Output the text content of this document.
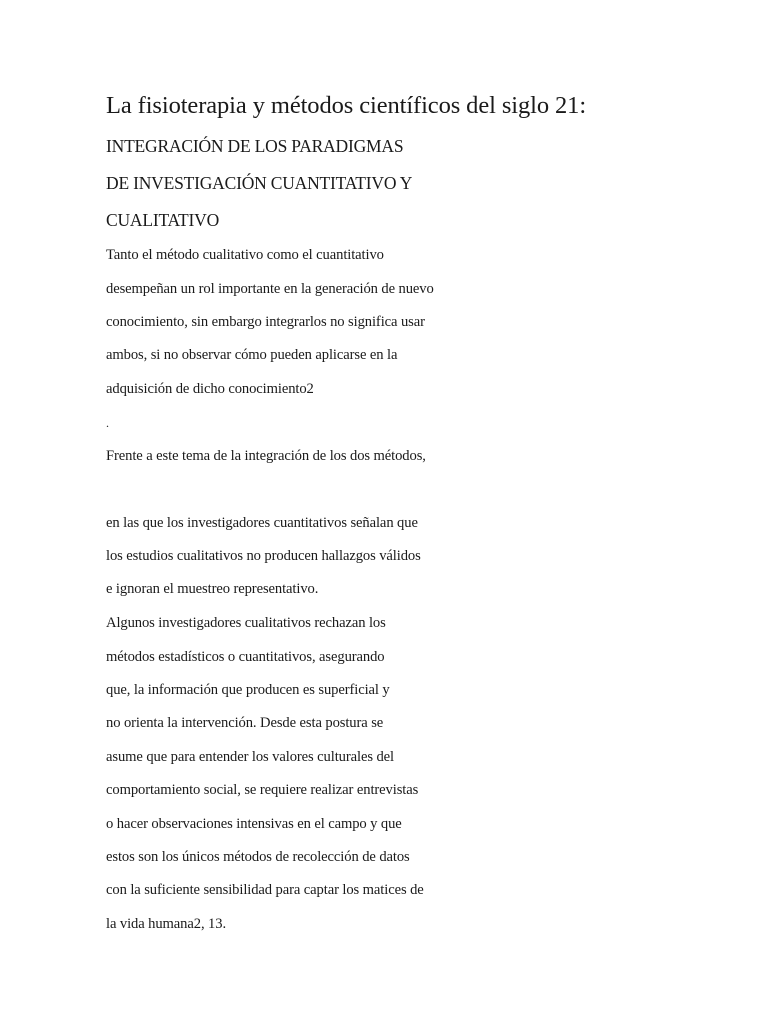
La fisioterapia y métodos científicos del siglo 21:
INTEGRACIÓN DE LOS PARADIGMAS
DE INVESTIGACIÓN CUANTITATIVO Y
CUALITATIVO
Tanto el método cualitativo como el cuantitativo
desempeñan un rol importante en la generación de nuevo
conocimiento, sin embargo integrarlos no significa usar
ambos, si no observar cómo pueden aplicarse en la
adquisición de dicho conocimiento2
.
Frente a este tema de la integración de los dos métodos,
en las que los investigadores cuantitativos señalan que
los estudios cualitativos no producen hallazgos válidos
e ignoran el muestreo representativo.
Algunos investigadores cualitativos rechazan los
métodos estadísticos o cuantitativos, asegurando
que, la información que producen es superficial y
no orienta la intervención. Desde esta postura se
asume que para entender los valores culturales del
comportamiento social, se requiere realizar entrevistas
o hacer observaciones intensivas en el campo y que
estos son los únicos métodos de recolección de datos
con la suficiente sensibilidad para captar los matices de
la vida humana2, 13.
